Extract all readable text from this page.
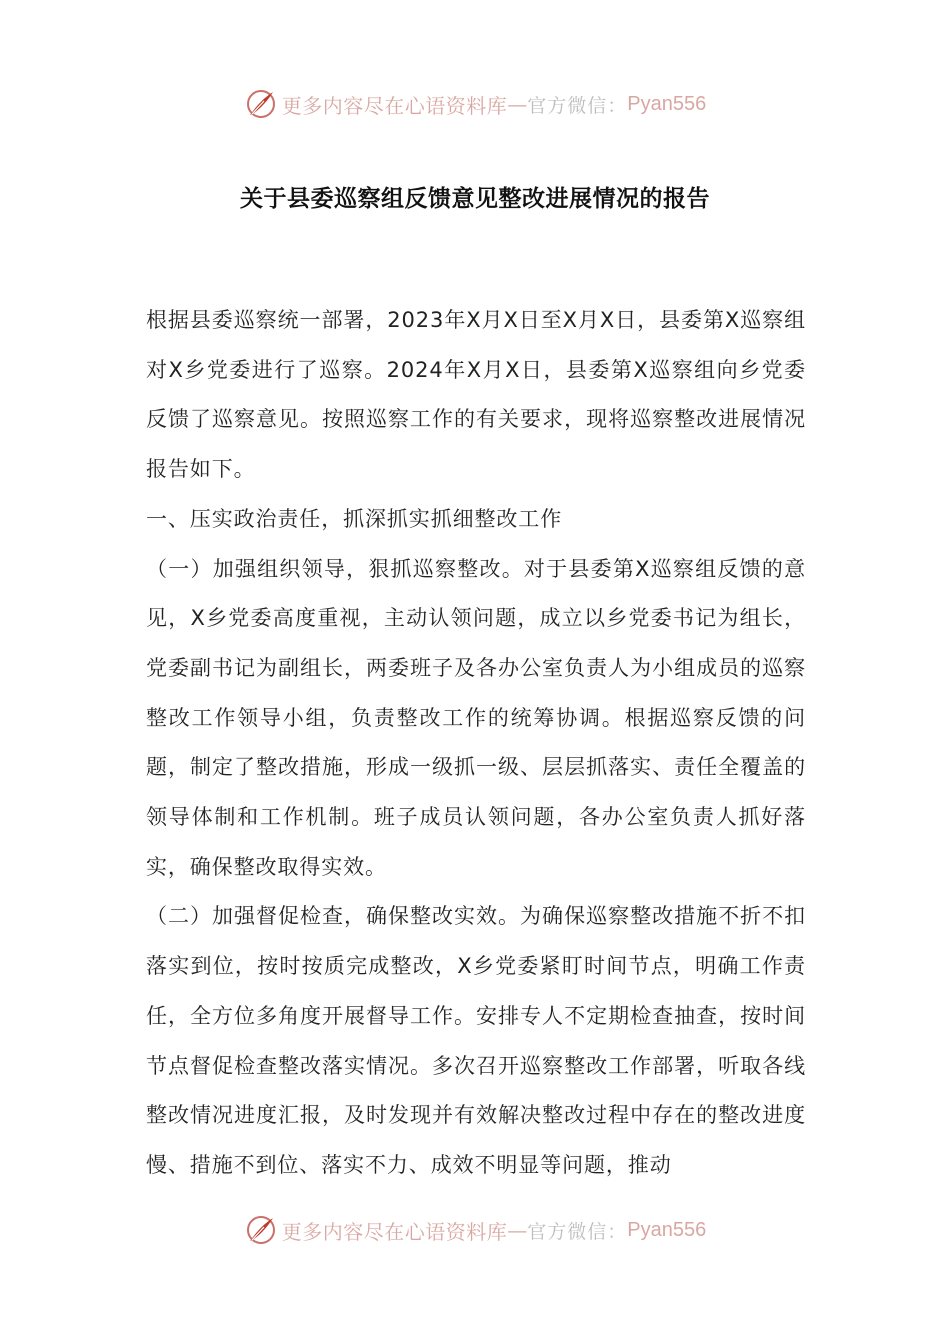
更多内容尽在心语资料库 — 官方微信： Pyan556
关于县委巡察组反馈意见整改进展情况的报告

根据县委巡察统一部署，2023年X月X日至X月X日，县委第X巡察组对X乡党委进行了巡察。2024年X月X日，县委第X巡察组向乡党委反馈了巡察意见。按照巡察工作的有关要求，现将巡察整改进展情况报告如下。

一、压实政治责任，抓深抓实抓细整改工作

（一）加强组织领导，狠抓巡察整改。对于县委第X巡察组反馈的意见，X乡党委高度重视，主动认领问题，成立以乡党委书记为组长，党委副书记为副组长，两委班子及各办公室负责人为小组成员的巡察整改工作领导小组，负责整改工作的统筹协调。根据巡察反馈的问题，制定了整改措施，形成一级抓一级、层层抓落实、责任全覆盖的领导体制和工作机制。班子成员认领问题，各办公室负责人抓好落实，确保整改取得实效。

（二）加强督促检查，确保整改实效。为确保巡察整改措施不折不扣落实到位，按时按质完成整改，X乡党委紧盯时间节点，明确工作责任，全方位多角度开展督导工作。安排专人不定期检查抽查，按时间节点督促检查整改落实情况。多次召开巡察整改工作部署，听取各线整改情况进度汇报，及时发现并有效解决整改过程中存在的整改进度慢、措施不到位、落实不力、成效不明显等问题，推动

更多内容尽在心语资料库 — 官方微信： Pyan556
